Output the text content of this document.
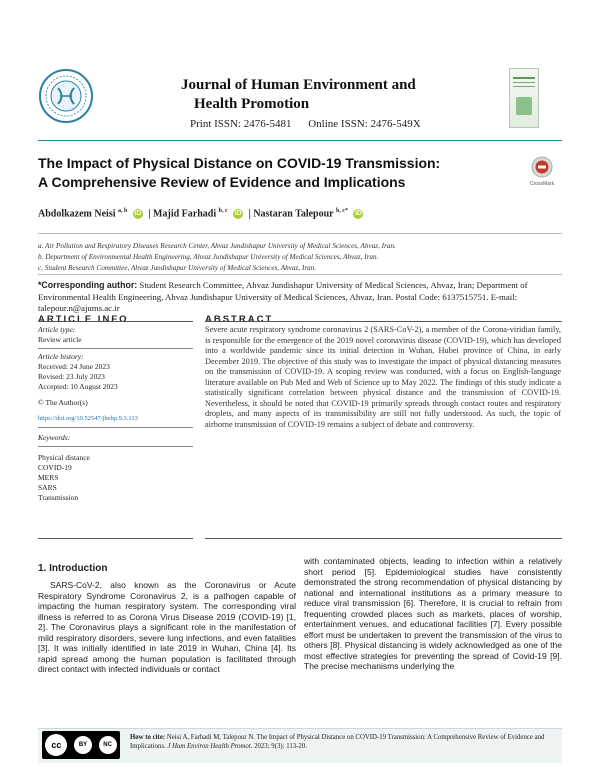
Journal of Human Environment and
Health Promotion
Print ISSN: 2476-5481 Online ISSN: 2476-549X
The Impact of Physical Distance on COVID-19 Transmission:
A Comprehensive Review of Evidence and Implications	CrossMark
Abdolkazem Neisi $^{a, b}$ iD | Majid Farhadi $^{b, c}$ iD | Nastaran Talepour $^{b, c*}$ iD
a. Air Pollution and Respiratory Diseases Research Center, Ahvaz Jundishapur University of Medical Sciences, Ahvaz, Iran.
b. Department of Environmental Health Engineering, Ahvaz Jundishapur University of Medical Sciences, Ahvaz, Iran.
c. Student Research Committee, Ahvaz Jundishapur University of Medical Sciences, Ahvaz, Iran.
*Corresponding author: Student Research Committee, Ahvaz Jundishapur University of Medical Sciences, Ahvaz, Iran; Department of Environmental Health Engineering, Ahvaz Jundishapur University of Medical Sciences, Ahvaz, Iran. Postal Code: 6137515751. E-mail: talepour.n@ajums.ac.ir
ARTICLE INFO
Article type:
Review article
Article history:
Received: 24 June 2023
Revised: 23 July 2023
Accepted: 10 August 2023
© The Author(s)
https://doi.org/10.52547/jhehp.9.3.113
Keywords:
Physical distance
COVID-19
MERS
SARS
Transmission
ABSTRACT
Severe acute respiratory syndrome coronavirus 2 (SARS-CoV-2), a member of the Corona-viridian family, is responsible for the emergence of the 2019 novel coronavirus disease (COVID-19), which has developed into a worldwide pandemic since its initial detection in Wuhan, Hubei province of China, in early December 2019. The objective of this study was to investigate the impact of physical distancing measures on the transmission of COVID-19. A scoping review was conducted, with a focus on English-language literature available on Pub Med and Web of Science up to May 2022. The findings of this study indicate a statistically significant correlation between physical distance and the transmission of COVID-19. Nevertheless, it should be noted that COVID-19 primarily spreads through contact routes and respiratory droplets, and many aspects of its transmissibility are still not fully understood. As such, the topic of airborne transmission of COVID-19 remains a subject of debate and controversy.
1. Introduction
SARS-CoV-2, also known as the Coronavirus or Acute Respiratory Syndrome Coronavirus 2, is a pathogen capable of impacting the human respiratory system. The corresponding viral illness is referred to as Corona Virus Disease 2019 (COVID-19) [1, 2]. The Coronavirus plays a significant role in the manifestation of mild respiratory disorders, severe lung infections, and even fatalities [3]. It was initially identified in late 2019 in Wuhan, China [4]. Its rapid spread among the human population is facilitated through direct contact with infected individuals or contact
with contaminated objects, leading to infection within a relatively short period [5]. Epidemiological studies have consistently demonstrated the strong recommendation of physical distancing by national and international institutions as a primary measure to reduce viral transmission [6]. Therefore, it is crucial to refrain from frequenting crowded places such as markets, places of worship, entertainment venues, and educational facilities [7]. Every possible effort must be undertaken to prevent the transmission of the virus to others [8]. Physical distancing is widely acknowledged as one of the most effective strategies for preventing the spread of Covid-19 [9]. The precise mechanisms underlying the
cc	BY	NC
How to cite: Neisi A, Farhadi M, Talepour N. The Impact of Physical Distance on COVID-19 Transmission: A Comprehensive Review of Evidence and Implications. J Hum Environ Health Promot. 2023; 9(3): 113-20.
